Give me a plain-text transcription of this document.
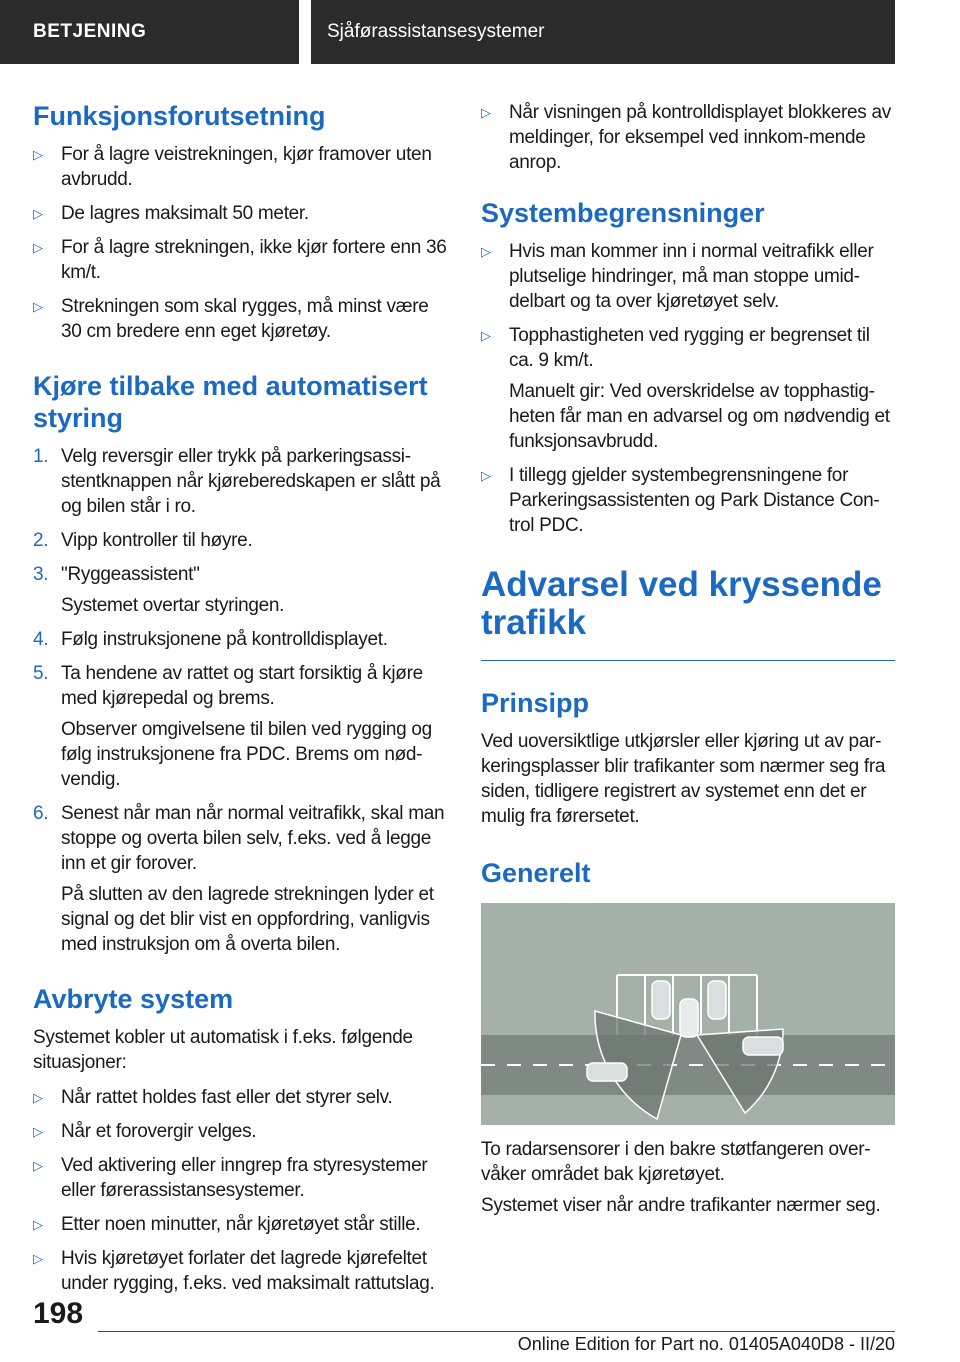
BETJENING	Sjåførassistansesystemer
Funksjonsforutsetning
▷ For å lagre veistrekningen, kjør framover uten avbrudd.
▷ De lagres maksimalt 50 meter.
▷ For å lagre strekningen, ikke kjør fortere enn 36 km/t.
▷ Strekningen som skal rygges, må minst være 30 cm bredere enn eget kjøretøy.
Kjøre tilbake med automatisert styring
1. Velg reversgir eller trykk på parkeringsassi-stentknappen når kjøreberedskapen er slått på og bilen står i ro.
2. Vipp kontroller til høyre.
3. "Ryggeassistent"
Systemet overtar styringen.
4. Følg instruksjonene på kontrolldisplayet.
5. Ta hendene av rattet og start forsiktig å kjøre med kjørepedal og brems.
Observer omgivelsene til bilen ved rygging og følg instruksjonene fra PDC. Brems om nød-vendig.
6. Senest når man når normal veitrafikk, skal man stoppe og overta bilen selv, f.eks. ved å legge inn et gir forover.
På slutten av den lagrede strekningen lyder et signal og det blir vist en oppfordring, vanligvis med instruksjon om å overta bilen.
Avbryte system

Systemet kobler ut automatisk i f.eks. følgende situasjoner:

▷ Når rattet holdes fast eller det styrer selv.
▷ Når et forovergir velges.
▷ Ved aktivering eller inngrep fra styresystemer eller førerassistansesystemer.
▷ Etter noen minutter, når kjøretøyet står stille.
▷ Hvis kjøretøyet forlater det lagrede kjørefeltet under rygging, f.eks. ved maksimalt rattutslag.
▷ Når visningen på kontrolldisplayet blokkeres av meldinger, for eksempel ved innkom-mende anrop.
Systembegrensninger
▷ Hvis man kommer inn i normal veitrafikk eller plutselige hindringer, må man stoppe umid-delbart og ta over kjøretøyet selv.
▷ Topphastigheten ved rygging er begrenset til ca. 9 km/t.
Manuelt gir: Ved overskridelse av topphastig-heten får man en advarsel og om nødvendig et funksjonsavbrudd.
▷ I tillegg gjelder systembegrensningene for Parkeringsassistenten og Park Distance Con-trol PDC.
Advarsel ved kryssende trafikk
Prinsipp

Ved uoversiktlige utkjørsler eller kjøring ut av par-keringsplasser blir trafikanter som nærmer seg fra siden, tidligere registrert av systemet enn det er mulig fra førersetet.

Generelt

To radarsensorer i den bakre støtfangeren over-våker området bak kjøretøyet.

Systemet viser når andre trafikanter nærmer seg.

198
Online Edition for Part no. 01405A040D8 - II/20
